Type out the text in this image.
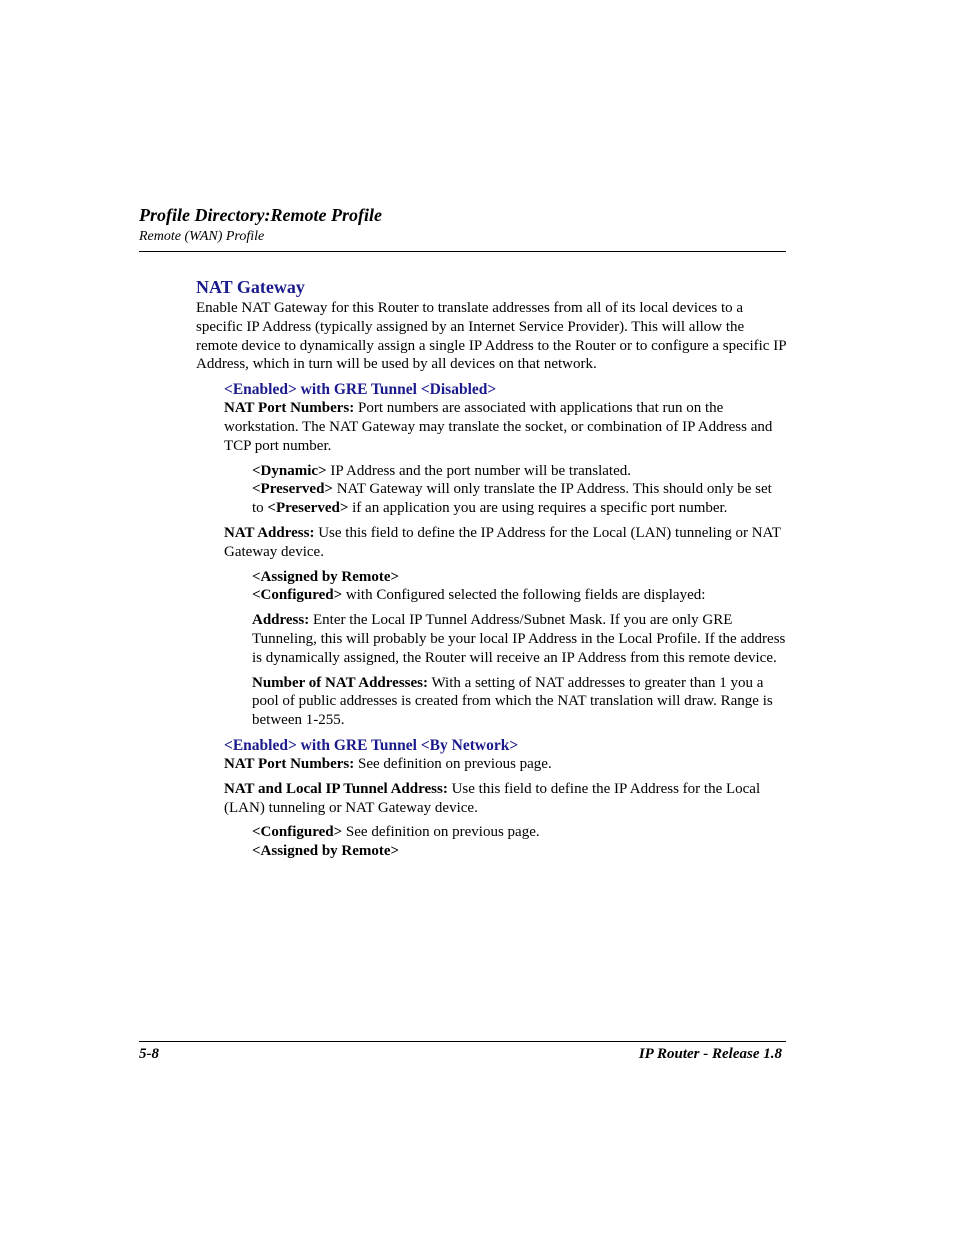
Profile Directory:Remote Profile
Remote (WAN) Profile
NAT Gateway

Enable NAT Gateway for this Router to translate addresses from all of its local devices to a specific IP Address (typically assigned by an Internet Service Provider). This will allow the remote device to dynamically assign a single IP Address to the Router or to configure a specific IP Address, which in turn will be used by all devices on that network.

<Enabled> with GRE Tunnel <Disabled>

NAT Port Numbers: Port numbers are associated with applications that run on the workstation. The NAT Gateway may translate the socket, or combination of IP Address and TCP port number.

<Dynamic> IP Address and the port number will be translated.

<Preserved> NAT Gateway will only translate the IP Address. This should only be set to <Preserved> if an application you are using requires a specific port number.

NAT Address: Use this field to define the IP Address for the Local (LAN) tunneling or NAT Gateway device.

<Assigned by Remote>

<Configured> with Configured selected the following fields are displayed:

Address: Enter the Local IP Tunnel Address/Subnet Mask. If you are only GRE Tunneling, this will probably be your local IP Address in the Local Profile. If the address is dynamically assigned, the Router will receive an IP Address from this remote device.

Number of NAT Addresses: With a setting of NAT addresses to greater than 1 you a pool of public addresses is created from which the NAT translation will draw. Range is between 1-255.

<Enabled> with GRE Tunnel <By Network>

NAT Port Numbers: See definition on previous page.

NAT and Local IP Tunnel Address: Use this field to define the IP Address for the Local (LAN) tunneling or NAT Gateway device.

<Configured> See definition on previous page.

<Assigned by Remote>

5-8	IP Router - Release 1.8
